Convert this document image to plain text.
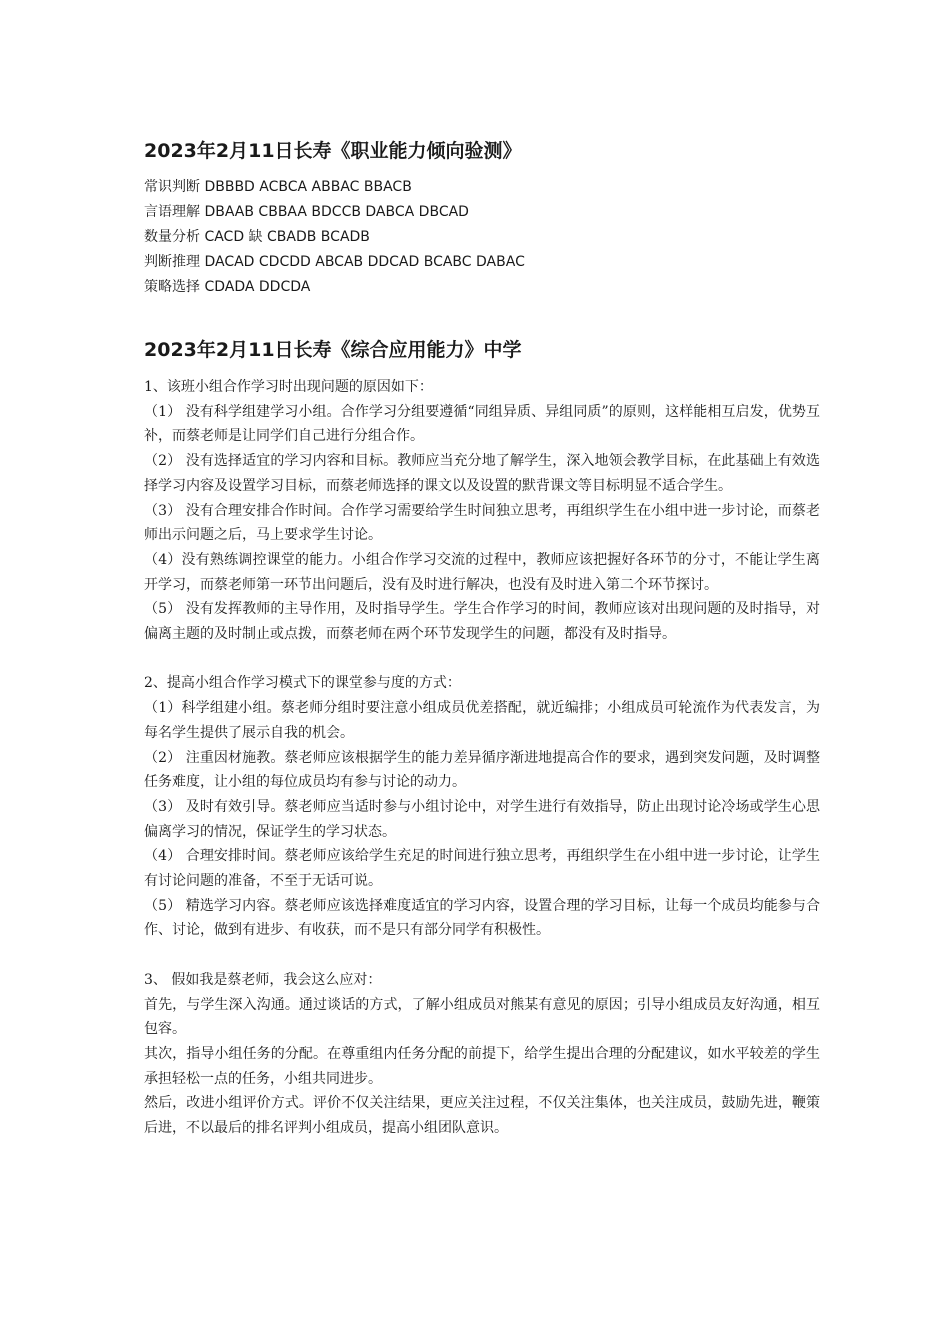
2023年2月11日长寿《职业能力倾向验测》
常识判断 DBBBD ACBCA ABBAC BBACB
言语理解 DBAAB CBBAA BDCCB DABCA DBCAD
数量分析 CACD 缺 CBADB BCADB
判断推理 DACAD CDCDD ABCAB DDCAD BCABC DABAC
策略选择 CDADA DDCDA
2023年2月11日长寿《综合应用能力》中学

1、该班小组合作学习时出现问题的原因如下：

（1） 没有科学组建学习小组。合作学习分组要遵循“同组异质、异组同质”的原则，这样能相互启发，优势互补，而蔡老师是让同学们自己进行分组合作。

（2） 没有选择适宜的学习内容和目标。教师应当充分地了解学生，深入地领会教学目标，在此基础上有效选择学习内容及设置学习目标，而蔡老师选择的课文以及设置的默背课文等目标明显不适合学生。

（3） 没有合理安排合作时间。合作学习需要给学生时间独立思考，再组织学生在小组中进一步讨论，而蔡老师出示问题之后，马上要求学生讨论。

（4）没有熟练调控课堂的能力。小组合作学习交流的过程中，教师应该把握好各环节的分寸，不能让学生离开学习，而蔡老师第一环节出问题后，没有及时进行解决，也没有及时进入第二个环节探讨。

（5） 没有发挥教师的主导作用，及时指导学生。学生合作学习的时间，教师应该对出现问题的及时指导，对偏离主题的及时制止或点拨，而蔡老师在两个环节发现学生的问题，都没有及时指导。

2、提高小组合作学习模式下的课堂参与度的方式：

（1）科学组建小组。蔡老师分组时要注意小组成员优差搭配，就近编排；小组成员可轮流作为代表发言，为每名学生提供了展示自我的机会。

（2） 注重因材施教。蔡老师应该根据学生的能力差异循序渐进地提高合作的要求，遇到突发问题，及时调整任务难度，让小组的每位成员均有参与讨论的动力。

（3） 及时有效引导。蔡老师应当适时参与小组讨论中，对学生进行有效指导，防止出现讨论冷场或学生心思偏离学习的情况，保证学生的学习状态。

（4） 合理安排时间。蔡老师应该给学生充足的时间进行独立思考，再组织学生在小组中进一步讨论，让学生有讨论问题的准备，不至于无话可说。

（5） 精选学习内容。蔡老师应该选择难度适宜的学习内容，设置合理的学习目标，让每一个成员均能参与合作、讨论，做到有进步、有收获，而不是只有部分同学有积极性。

3、 假如我是蔡老师，我会这么应对：

首先，与学生深入沟通。通过谈话的方式，了解小组成员对熊某有意见的原因；引导小组成员友好沟通，相互包容。

其次，指导小组任务的分配。在尊重组内任务分配的前提下，给学生提出合理的分配建议，如水平较差的学生承担轻松一点的任务，小组共同进步。

然后，改进小组评价方式。评价不仅关注结果，更应关注过程，不仅关注集体，也关注成员，鼓励先进，鞭策后进，不以最后的排名评判小组成员，提高小组团队意识。
